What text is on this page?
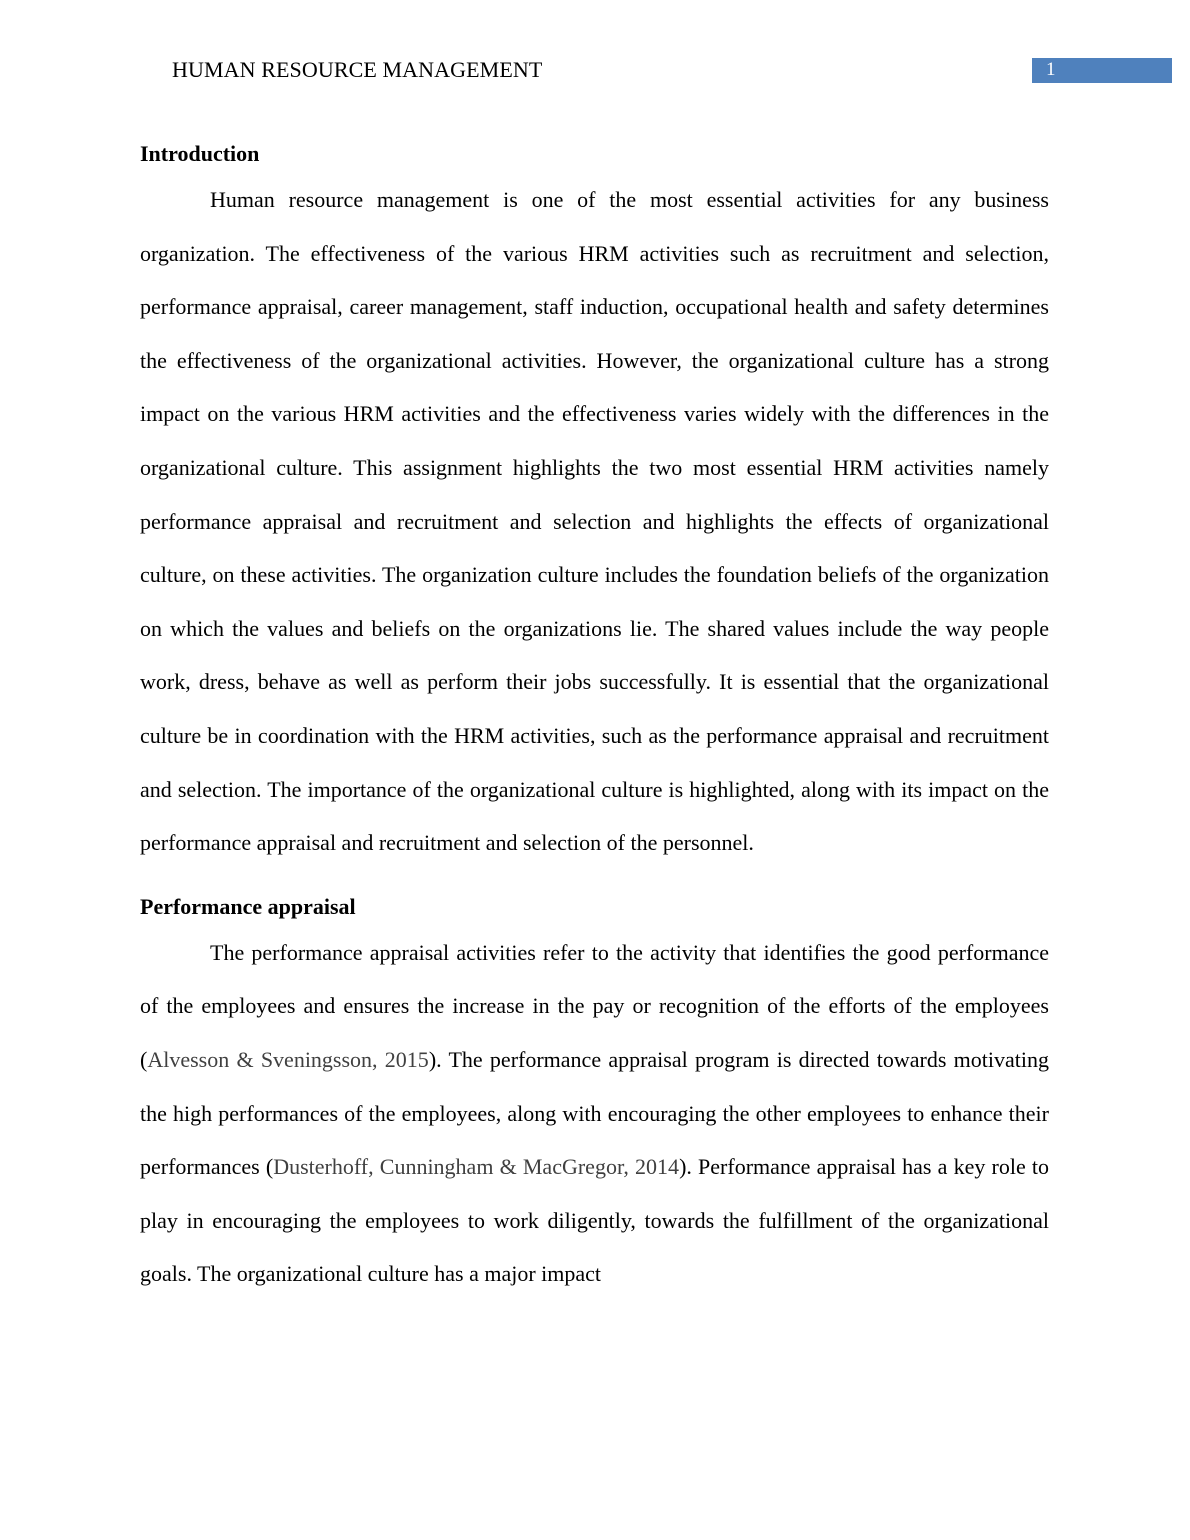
HUMAN RESOURCE MANAGEMENT	1
Introduction

Human resource management is one of the most essential activities for any business organization. The effectiveness of the various HRM activities such as recruitment and selection, performance appraisal, career management, staff induction, occupational health and safety determines the effectiveness of the organizational activities. However, the organizational culture has a strong impact on the various HRM activities and the effectiveness varies widely with the differences in the organizational culture. This assignment highlights the two most essential HRM activities namely performance appraisal and recruitment and selection and highlights the effects of organizational culture, on these activities. The organization culture includes the foundation beliefs of the organization on which the values and beliefs on the organizations lie. The shared values include the way people work, dress, behave as well as perform their jobs successfully. It is essential that the organizational culture be in coordination with the HRM activities, such as the performance appraisal and recruitment and selection. The importance of the organizational culture is highlighted, along with its impact on the performance appraisal and recruitment and selection of the personnel.

Performance appraisal

The performance appraisal activities refer to the activity that identifies the good performance of the employees and ensures the increase in the pay or recognition of the efforts of the employees (Alvesson & Sveningsson, 2015). The performance appraisal program is directed towards motivating the high performances of the employees, along with encouraging the other employees to enhance their performances (Dusterhoff, Cunningham & MacGregor, 2014). Performance appraisal has a key role to play in encouraging the employees to work diligently, towards the fulfillment of the organizational goals. The organizational culture has a major impact
